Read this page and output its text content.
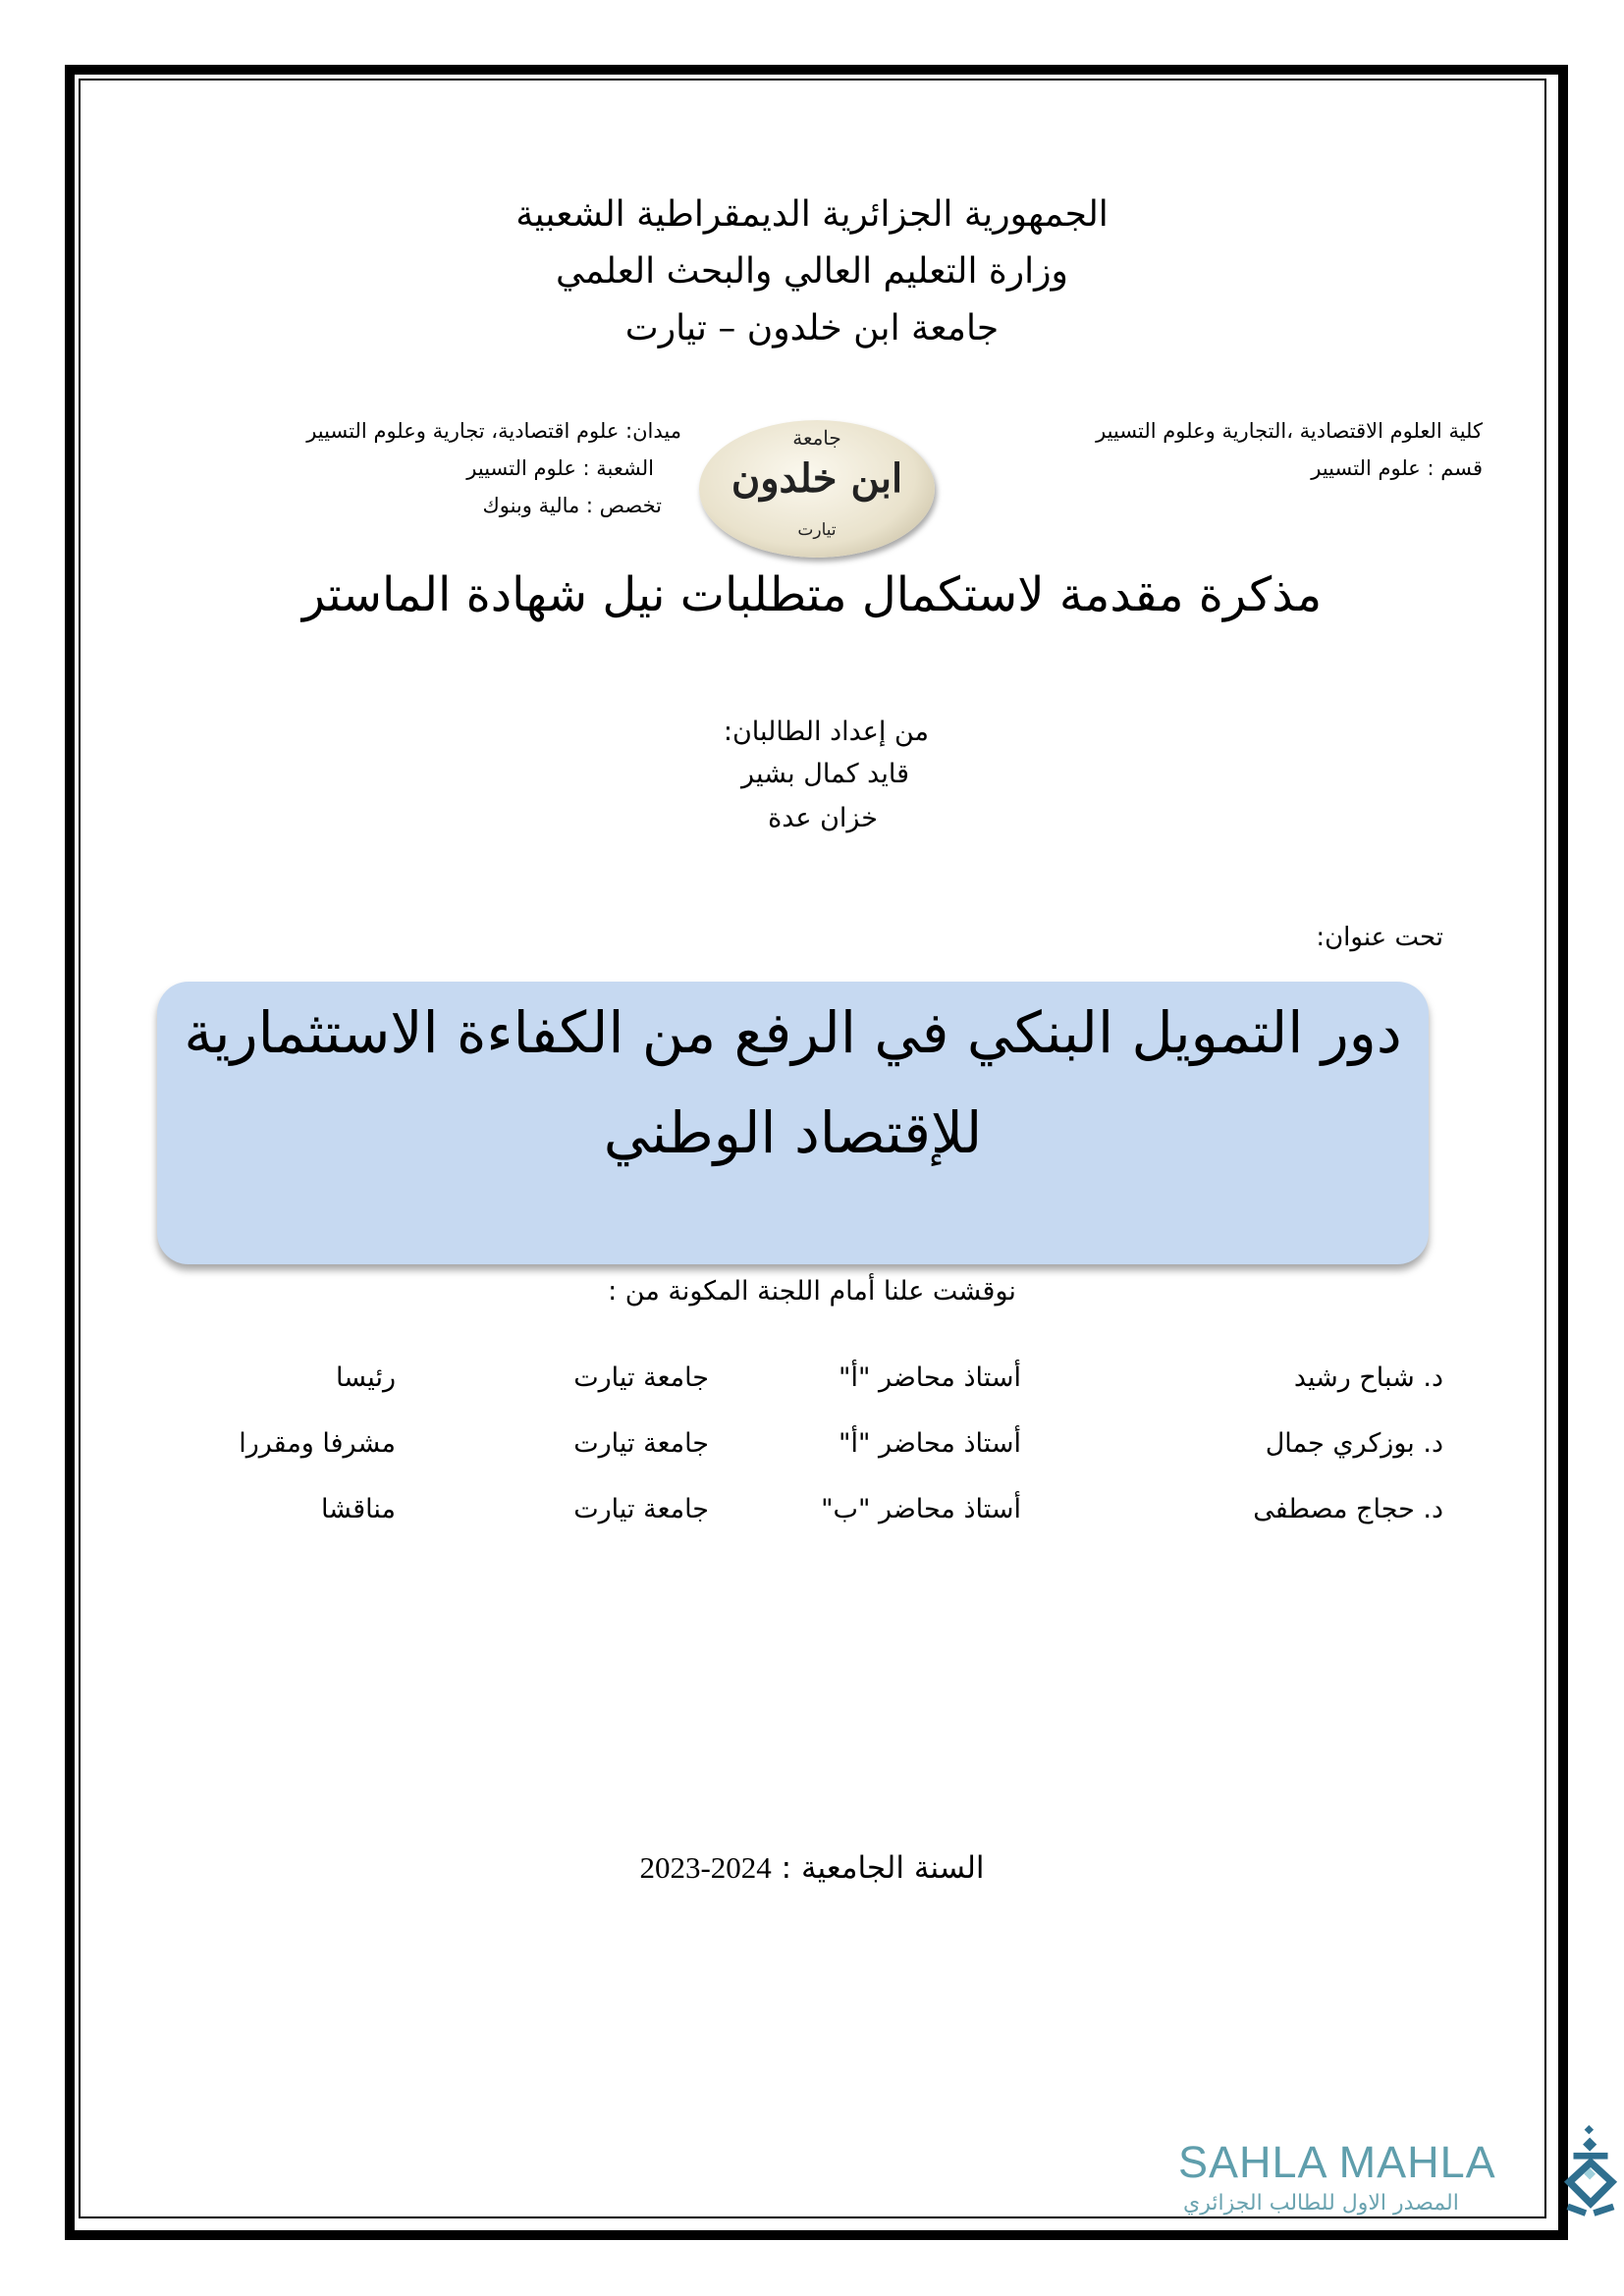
الجمهورية الجزائرية الديمقراطية الشعبية
وزارة التعليم العالي والبحث العلمي
جامعة ابن خلدون – تيارت
كلية العلوم الاقتصادية ،التجارية وعلوم التسيير
قسم : علوم التسيير
ميدان: علوم اقتصادية، تجارية وعلوم التسيير
الشعبة : علوم التسيير
تخصص : مالية وبنوك
جامعة
ابن خلدون
تيارت
مذكرة مقدمة لاستكمال متطلبات نيل شهادة الماستر
من إعداد الطالبان:
قايد كمال بشير
خزان عدة
تحت عنوان:
دور التمويل البنكي في الرفع من الكفاءة الاستثمارية
للإقتصاد الوطني
نوقشت علنا أمام اللجنة المكونة من :
د. شباح رشيد
أستاذ محاضر "أ"
جامعة تيارت
رئيسا
د. بوزكري جمال
أستاذ محاضر "أ"
جامعة تيارت
مشرفا ومقررا
د. حجاج مصطفى
أستاذ محاضر "ب"
جامعة تيارت
مناقشا
السنة الجامعية : 2024-2023
SAHLA MAHLA
المصدر الاول للطالب الجزائري
